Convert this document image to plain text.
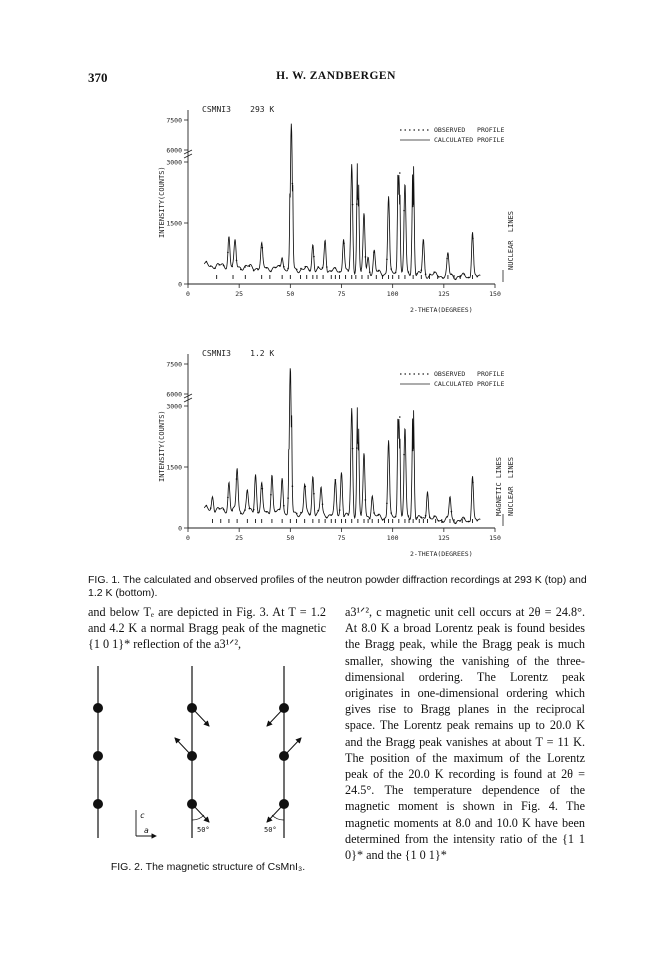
H. W. ZANDBERGEN
370
INTENSITY(COUNTS)
CSMNI3    293 K
OBSERVED   PROFILE
CALCULATED PROFILE
NUCLEAR  LINES
2-THETA(DEGREES)
0
1500
3000
6000
7500
0	25	50	75	100	125	150
INTENSITY(COUNTS)
CSMNI3    1.2 K
OBSERVED   PROFILE
CALCULATED PROFILE
MAGNETIC LINES NUCLEAR  LINES
2-THETA(DEGREES)
0
1500
3000
6000
7500
0	25	50	75	100	125	150
FIG. 1. The calculated and observed profiles of the neutron powder diffraction recordings at 293 K (top) and 1.2 K (bottom).

and below Tₑ are depicted in Fig. 3. At T = 1.2 and 4.2 K a normal Bragg peak of the magnetic {1 0 1}* reflection of the a3¹ᐟ²,

50°	50°
c
a
FIG. 2. The magnetic structure of CsMnI₃.

a3¹ᐟ², c magnetic unit cell occurs at 2θ = 24.8°. At 8.0 K a broad Lorentz peak is found besides the Bragg peak, while the Bragg peak is much smaller, showing the vanishing of the three-dimensional ordering. The Lorentz peak originates in one-dimensional ordering which gives rise to Bragg planes in the reciprocal space. The Lorentz peak remains up to 20.0 K and the Bragg peak vanishes at about T = 11 K. The position of the maximum of the Lorentz peak of the 20.0 K recording is found at 2θ = 24.5°. The temperature dependence of the magnetic moment is shown in Fig. 4. The magnetic moments at 8.0 and 10.0 K have been determined from the intensity ratio of the {1 1 0}* and the {1 0 1}*
